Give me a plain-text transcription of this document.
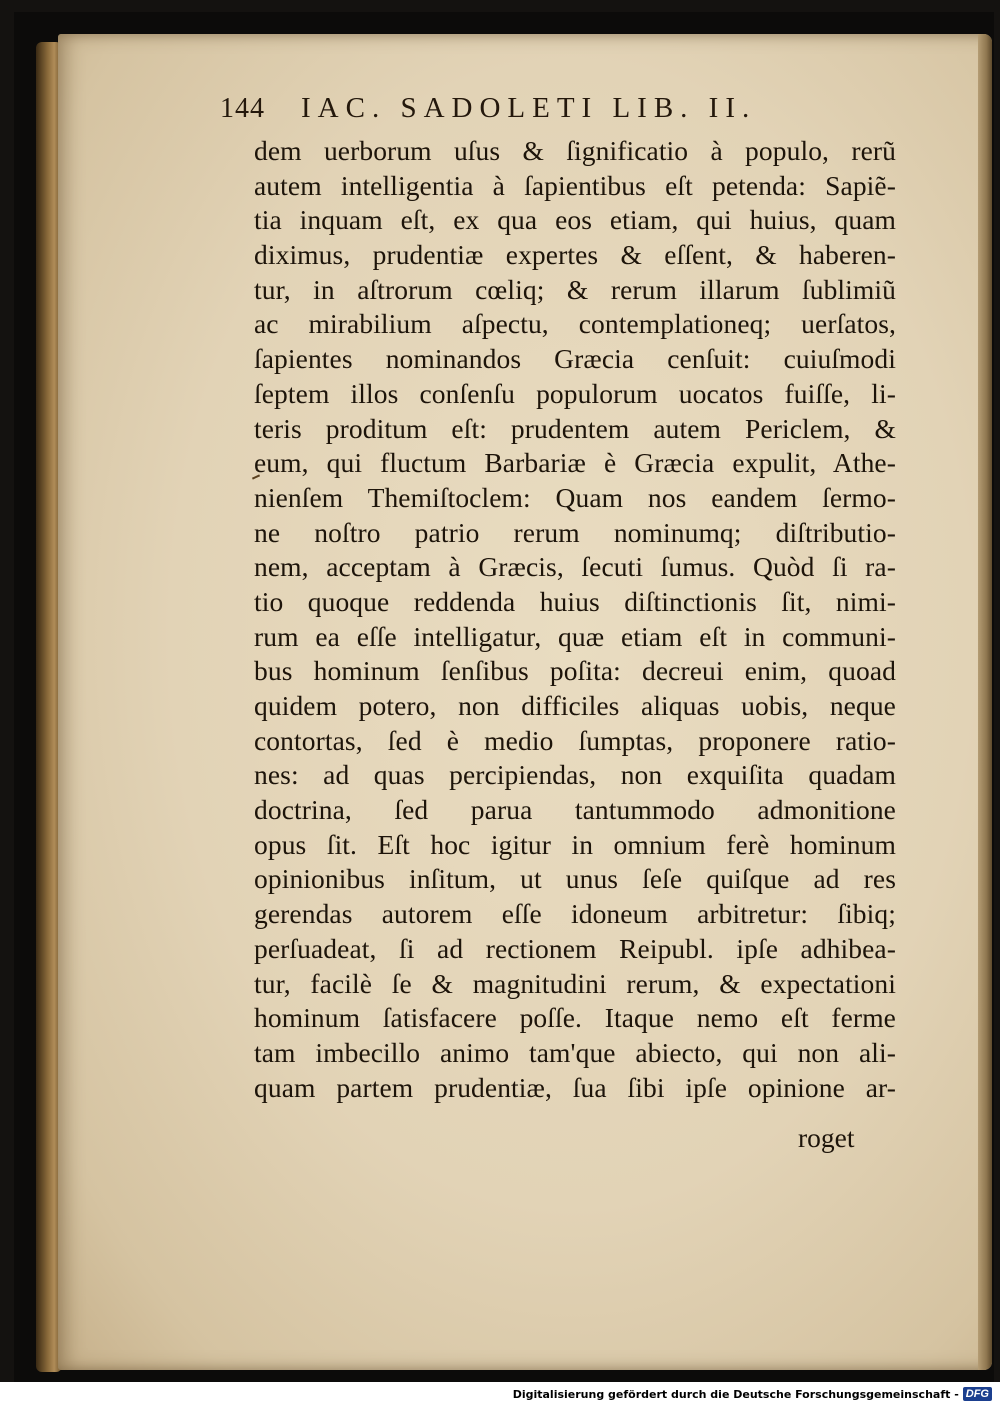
144 IAC. SADOLETI LIB. II.
dem uerborum uſus & ſignificatio à populo, rerũ
autem intelligentia à ſapientibus eſt petenda: Sapiẽ-
tia inquam eſt, ex qua eos etiam, qui huius, quam
diximus, prudentiæ expertes & eſſent, & haberen-
tur, in aſtrorum cœliq; & rerum illarum ſublimiũ
ac mirabilium aſpectu, contemplationeq; uerſatos,
ſapientes nominandos Græcia cenſuit: cuiuſmodi
ſeptem illos conſenſu populorum uocatos fuiſſe, li-
teris proditum eſt: prudentem autem Periclem, &
eum, qui fluctum Barbariæ è Græcia expulit, Athe-
nienſem Themiſtoclem: Quam nos eandem ſermo-
ne noſtro patrio rerum nominumq; diſtributio-
nem, acceptam à Græcis, ſecuti ſumus. Quòd ſi ra-
tio quoque reddenda huius diſtinctionis ſit, nimi-
rum ea eſſe intelligatur, quæ etiam eſt in communi-
bus hominum ſenſibus poſita: decreui enim, quoad
quidem potero, non difficiles aliquas uobis, neque
contortas, ſed è medio ſumptas, proponere ratio-
nes: ad quas percipiendas, non exquiſita quadam
doctrina, ſed parua tantummodo admonitione
opus ſit. Eſt hoc igitur in omnium ferè hominum
opinionibus inſitum, ut unus ſeſe quiſque ad res
gerendas autorem eſſe idoneum arbitretur: ſibiq;
perſuadeat, ſi ad rectionem Reipubl. ipſe adhibea-
tur, facilè ſe & magnitudini rerum, & expectationi
hominum ſatisfacere poſſe. Itaque nemo eſt ferme
tam imbecillo animo tam'que abiecto, qui non ali-
quam partem prudentiæ, ſua ſibi ipſe opinione ar-
roget
Digitalisierung gefördert durch die Deutsche Forschungsgemeinschaft - DFG
